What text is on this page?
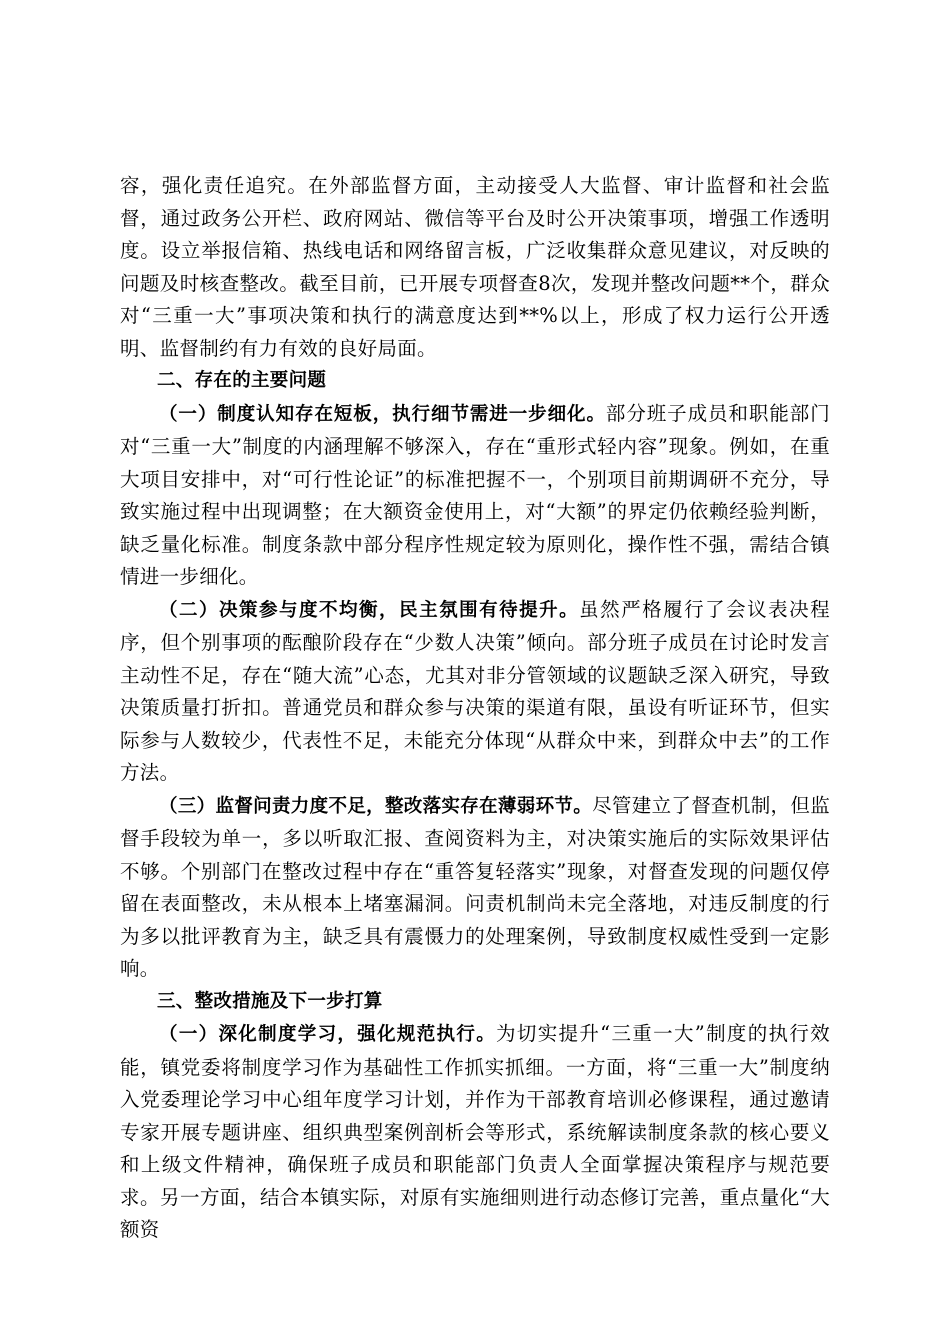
容，强化责任追究。在外部监督方面，主动接受人大监督、审计监督和社会监督，通过政务公开栏、政府网站、微信等平台及时公开决策事项，增强工作透明度。设立举报信箱、热线电话和网络留言板，广泛收集群众意见建议，对反映的问题及时核查整改。截至目前，已开展专项督查8次，发现并整改问题**个，群众对“三重一大”事项决策和执行的满意度达到**%以上，形成了权力运行公开透明、监督制约有力有效的良好局面。

二、存在的主要问题

（一）制度认知存在短板，执行细节需进一步细化。部分班子成员和职能部门对“三重一大”制度的内涵理解不够深入，存在“重形式轻内容”现象。例如，在重大项目安排中，对“可行性论证”的标准把握不一，个别项目前期调研不充分，导致实施过程中出现调整；在大额资金使用上，对“大额”的界定仍依赖经验判断，缺乏量化标准。制度条款中部分程序性规定较为原则化，操作性不强，需结合镇情进一步细化。

（二）决策参与度不均衡，民主氛围有待提升。虽然严格履行了会议表决程序，但个别事项的酝酿阶段存在“少数人决策”倾向。部分班子成员在讨论时发言主动性不足，存在“随大流”心态，尤其对非分管领域的议题缺乏深入研究，导致决策质量打折扣。普通党员和群众参与决策的渠道有限，虽设有听证环节，但实际参与人数较少，代表性不足，未能充分体现“从群众中来，到群众中去”的工作方法。

（三）监督问责力度不足，整改落实存在薄弱环节。尽管建立了督查机制，但监督手段较为单一，多以听取汇报、查阅资料为主，对决策实施后的实际效果评估不够。个别部门在整改过程中存在“重答复轻落实”现象，对督查发现的问题仅停留在表面整改，未从根本上堵塞漏洞。问责机制尚未完全落地，对违反制度的行为多以批评教育为主，缺乏具有震慑力的处理案例，导致制度权威性受到一定影响。

三、整改措施及下一步打算

（一）深化制度学习，强化规范执行。为切实提升“三重一大”制度的执行效能，镇党委将制度学习作为基础性工作抓实抓细。一方面，将“三重一大”制度纳入党委理论学习中心组年度学习计划，并作为干部教育培训必修课程，通过邀请专家开展专题讲座、组织典型案例剖析会等形式，系统解读制度条款的核心要义和上级文件精神，确保班子成员和职能部门负责人全面掌握决策程序与规范要求。另一方面，结合本镇实际，对原有实施细则进行动态修订完善，重点量化“大额资
